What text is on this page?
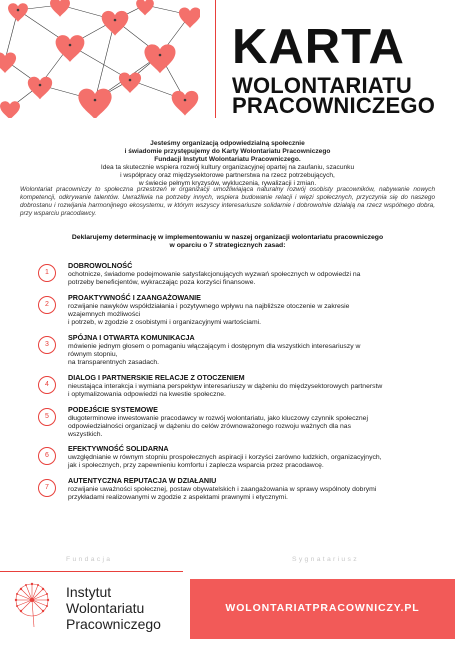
KARTA
WOLONTARIATU
PRACOWNICZEGO
Jesteśmy organizacją odpowiedzialną społecznie
i świadomie przystępujemy do Karty Wolontariatu Pracowniczego
Fundacji Instytut Wolontariatu Pracowniczego.
Idea ta skutecznie wspiera rozwój kultury organizacyjnej opartej na zaufaniu, szacunku
i współpracy oraz międzysektorowe partnerstwa na rzecz potrzebujących,
w świecie pełnym kryzysów, wykluczenia, rywalizacji i zmian.
Wolontariat pracowniczy to społeczna przestrzeń w organizacji umożliwiająca naturalny rozwój osobisty pracowników, nabywanie nowych kompetencji, odkrywanie talentów. Uwrażliwia na potrzeby innych, wspiera budowanie relacji i więzi społecznych, przyczynia się do naszego dobrostanu i rozwijania harmonijnego ekosystemu, w którym wszyscy interesariusze solidarnie i dobrowolnie działają na rzecz wspólnego dobra, przy wsparciu pracodawcy.
Deklarujemy determinację w implementowaniu w naszej organizacji wolontariatu pracowniczego
w oparciu o 7 strategicznych zasad:
1
DOBROWOLNOŚĆ
ochotnicze, świadome podejmowanie satysfakcjonujących wyzwań społecznych w odpowiedzi na
potrzeby beneficjentów, wykraczając poza korzyści finansowe.
2
PROAKTYWNOŚĆ I ZAANGAŻOWANIE
rozwijanie nawyków współdziałania i pozytywnego wpływu na najbliższe otoczenie w zakresie
wzajemnych możliwości
i potrzeb, w zgodzie z osobistymi i organizacyjnymi wartościami.
3
SPÓJNA I OTWARTA KOMUNIKACJA
mówienie jednym głosem o pomaganiu włączającym i dostępnym dla wszystkich interesariuszy w
równym stopniu,
na transparentnych zasadach.
4
DIALOG I PARTNERSKIE RELACJE Z OTOCZENIEM
nieustająca interakcja i wymiana perspektyw interesariuszy w dążeniu do międzysektorowych partnerstw
i optymalizowania odpowiedzi na kwestie społeczne.
5
PODEJŚCIE SYSTEMOWE
długoterminowe inwestowanie pracodawcy w rozwój wolontariatu, jako kluczowy czynnik społecznej
odpowiedzialności organizacji w dążeniu do celów zrównoważonego rozwoju ważnych dla nas
wszystkich.
6
EFEKTYWNOŚĆ SOLIDARNA
uwzględnianie w równym stopniu prospołecznych aspiracji i korzyści zarówno ludzkich, organizacyjnych,
jak i społecznych, przy zapewnieniu komfortu i zaplecza wsparcia przez pracodawcę.
7
AUTENTYCZNA REPUTACJA W DZIAŁANIU
rozwijanie uważności społecznej, postaw obywatelskich i zaangażowania w sprawy wspólnoty dobrymi
przykładami realizowanymi w zgodzie z aspektami prawnymi i etycznymi.
Fundacja	Sygnatariusz
Instytut
Wolontariatu
Pracowniczego
WOLONTARIATPRACOWNICZY.PL
